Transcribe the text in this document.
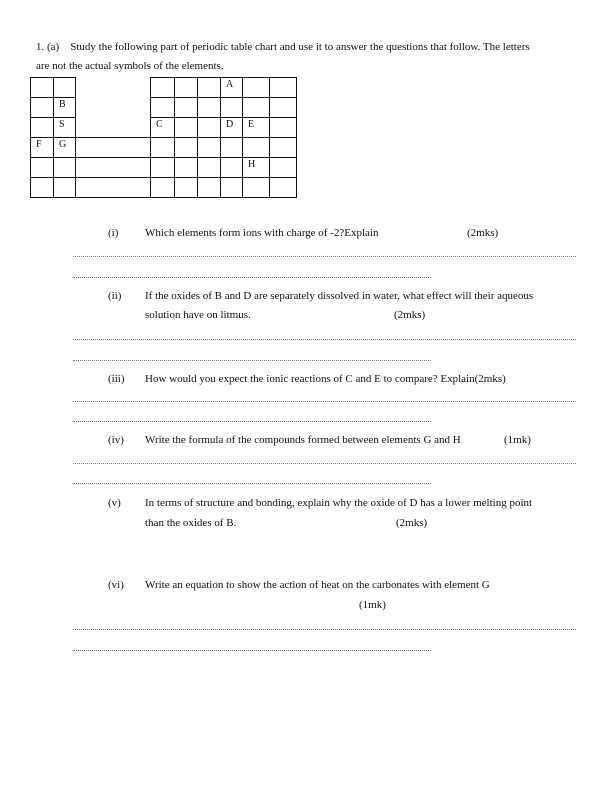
1. (a) Study the following part of periodic table chart and use it to answer the questions that follow. The letters
are not the actual symbols of the elements.
						A		
	B							
	S		C			D	E	
F	G							
							H	

(i) Which elements form ions with charge of -2?Explain	(2mks)
(ii) If the oxides of B and D are separately dissolved in water, what effect will their aqueous
solution have on litmus.	(2mks)
(iii) How would you expect the ionic reactions of C and E to compare? Explain(2mks)
(iv) Write the formula of the compounds formed between elements G and H	(1mk)
(v) In terms of structure and bonding, explain why the oxide of D has a lower melting point
than the oxides of B.	(2mks)
(vi) Write an equation to show the action of heat on the carbonates with element G
(1mk)
